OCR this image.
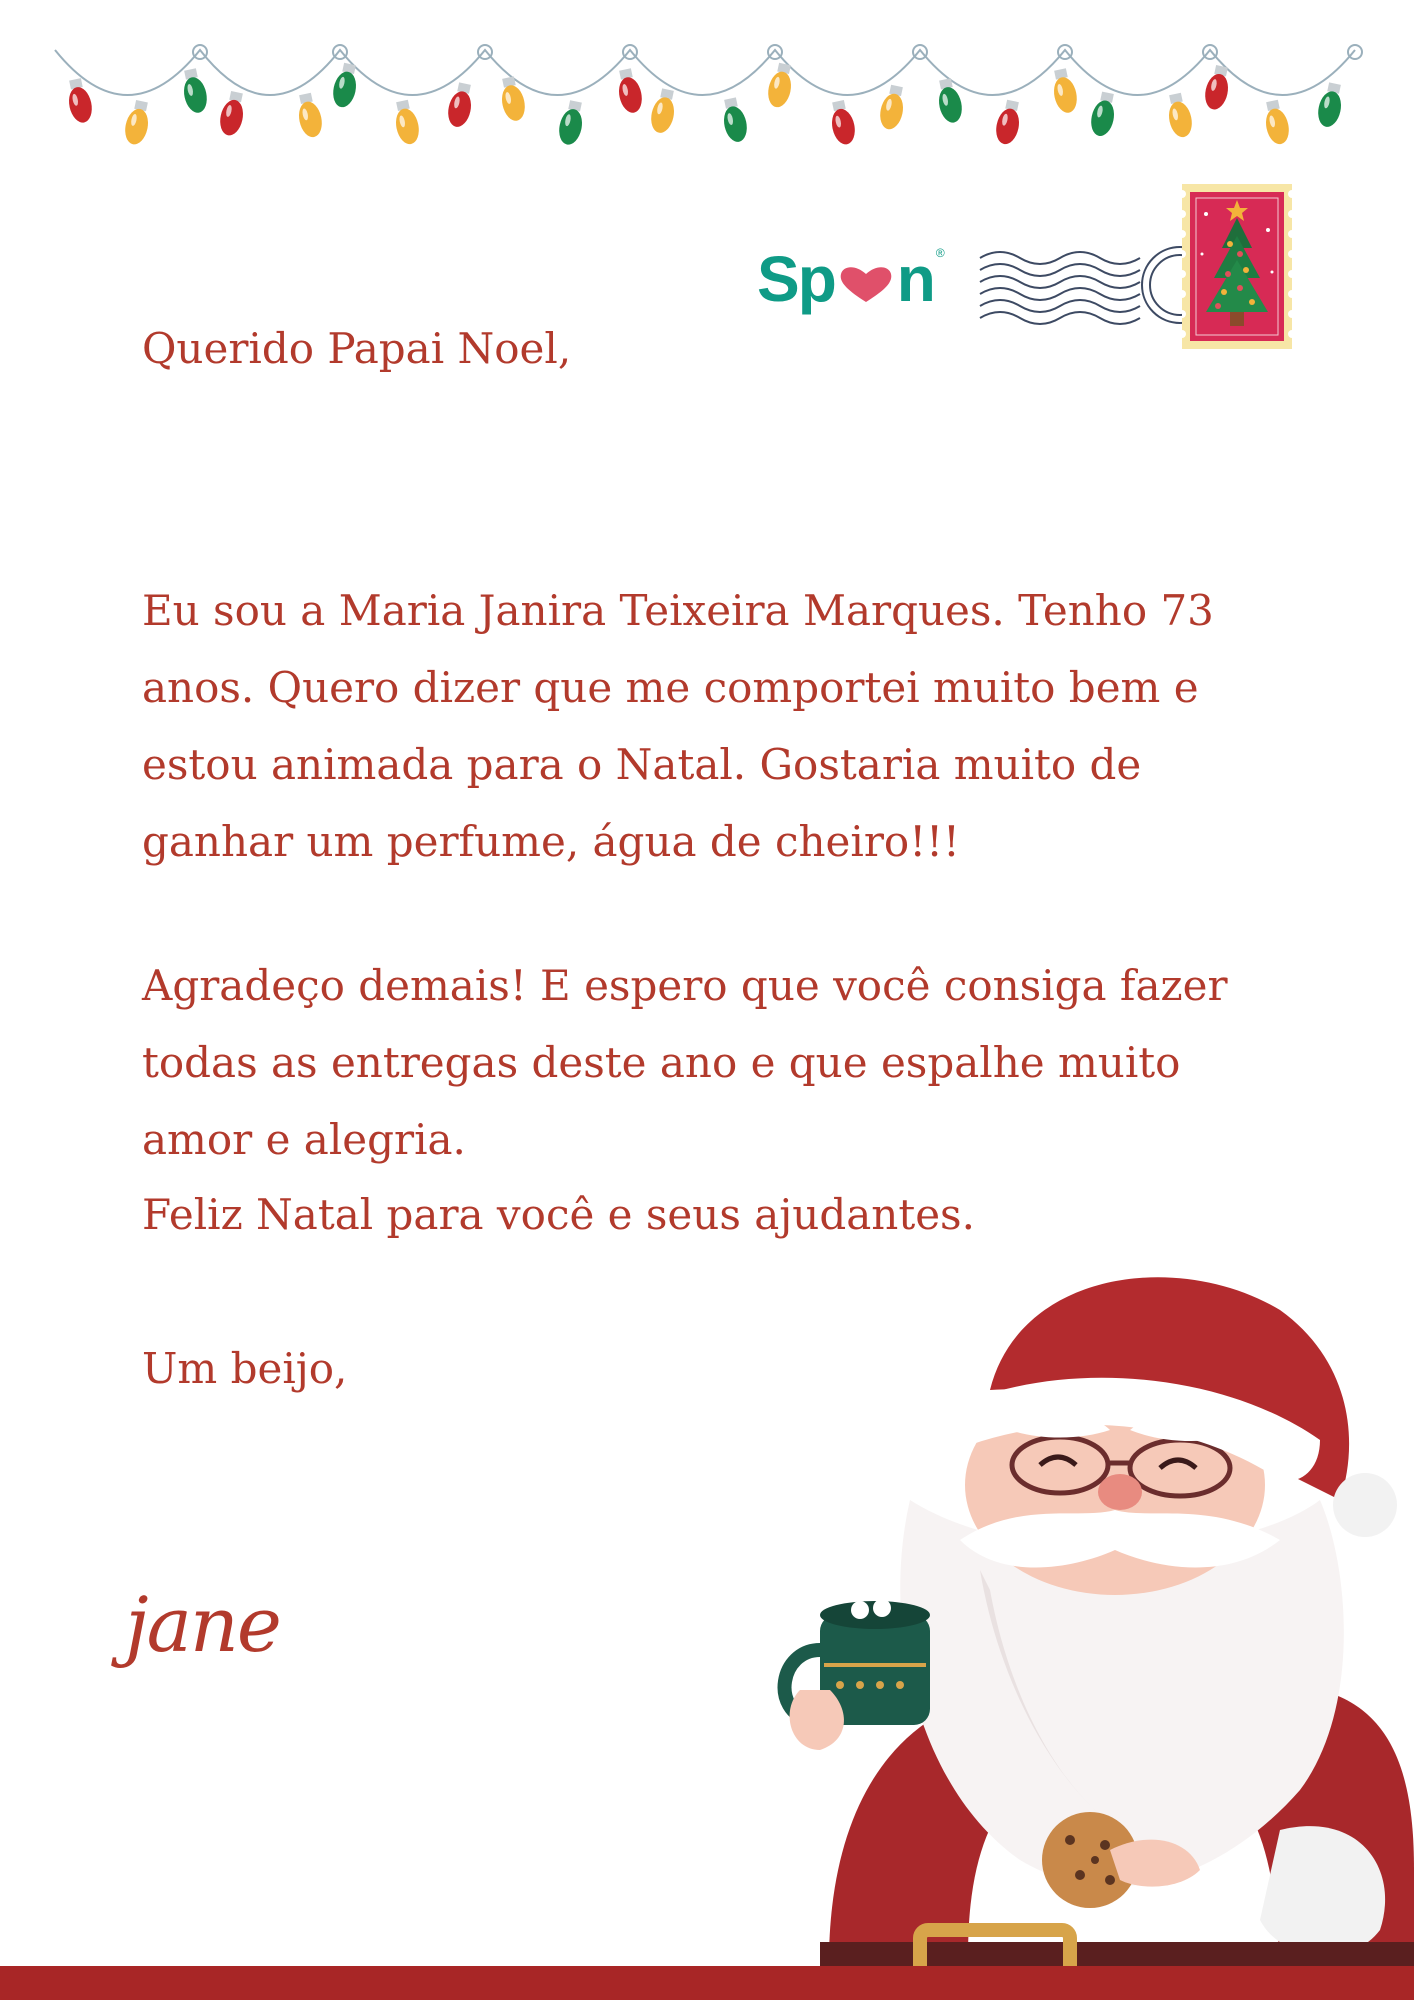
Sp n ®

Querido Papai Noel,

Eu sou a Maria Janira Teixeira Marques. Tenho 73 anos. Quero dizer que me comportei muito bem e estou animada para o Natal. Gostaria muito de ganhar um perfume, água de cheiro!!!

Agradeço demais! E espero que você consiga fazer todas as entregas deste ano e que espalhe muito amor e alegria.

Feliz Natal para você e seus ajudantes.

Um beijo,

jane
